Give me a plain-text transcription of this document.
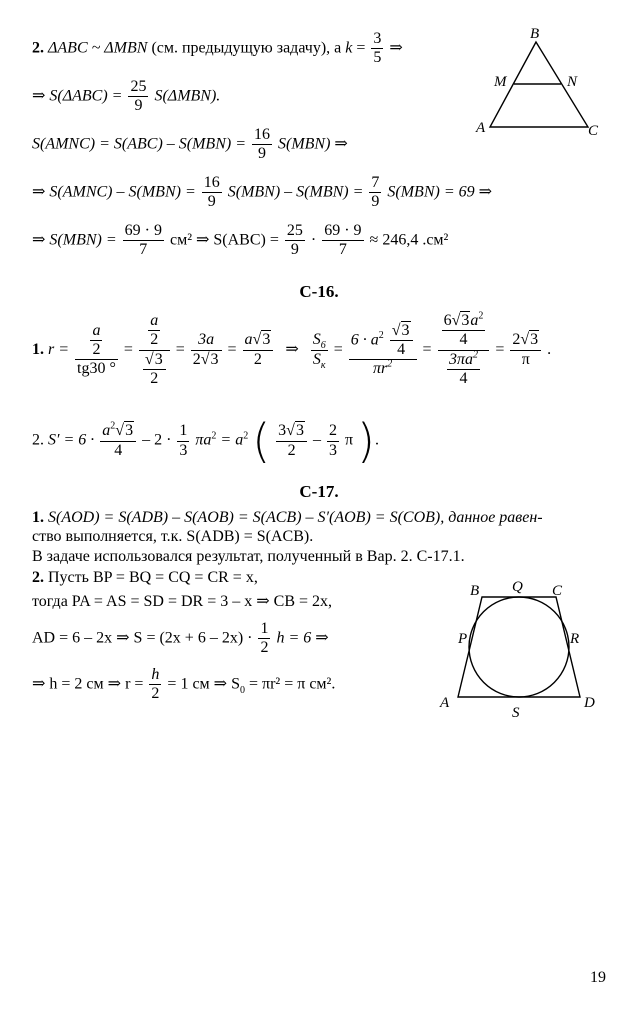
2. ΔABC ~ ΔMBN (см. предыдущую задачу), а $k = \frac{3}{5}$ ⇒
⇒ $S(\Delta ABC) = \frac{25}{9} S(\Delta MBN)$.
S(AMNC) = $S(ABC) - S(MBN) = \frac{16}{9} S(MBN)$ ⇒
⇒ S(AMNC) – $S(MBN) = \frac{16}{9} S(MBN) - S(MBN) = \frac{7}{9} S(MBN) = 69$ ⇒
⇒ $S(MBN) = \frac{69 \cdot 9}{7} см^2$ ⇒ $S(ABC) = \frac{25}{9} \cdot \frac{69 \cdot 9}{7} \approx 246,4$ .см²
B
M	N
A	C
С-16.
1. $r = \frac{\frac{a}{2}}{tg30 ^\circ} = \frac{\frac{a}{2}}{\frac{√3}{2}} = \frac{3a}{2√3} = \frac{a√3}{2}$ ⇒ $\frac{S_6}{S_к} = \frac{6 \cdot a^2 \frac{√3}{4}}{\pi r^2} = \frac{\frac{6√3a^2}{4}}{\frac{3\pi a^2}{4}} = \frac{2√3}{\pi}$ .
2. $S' = 6 \cdot \frac{a^2√3}{4} - 2 \cdot \frac{1}{3} \pi a^2 = a^2$ ( $\frac{3√3}{2} - \frac{2}{3}$ π ).
С-17.
1. S(AOD) = S(ADB) – S(AOB) = S(ACB) – S′(AOB) = S(COB), данное равен-
ство выполняется, т.к. S(ADB) = S(ACB).
В задаче использовался результат, полученный в Вар. 2. С-17.1.
2. Пусть BP = BQ = CQ = CR = x,
тогда PA = AS = SD = DR = 3 – x ⇒ CB = 2x,
AD = 6 – 2x ⇒ $S = (2x + 6 - 2x) \cdot \frac{1}{2}$ h = 6 ⇒
⇒ h = 2 см ⇒ $r = \frac{h}{2} = 1$ см ⇒ $S_0 = \pi r^2 = \pi$ см².
B Q C
P	R
A
S
D
19
